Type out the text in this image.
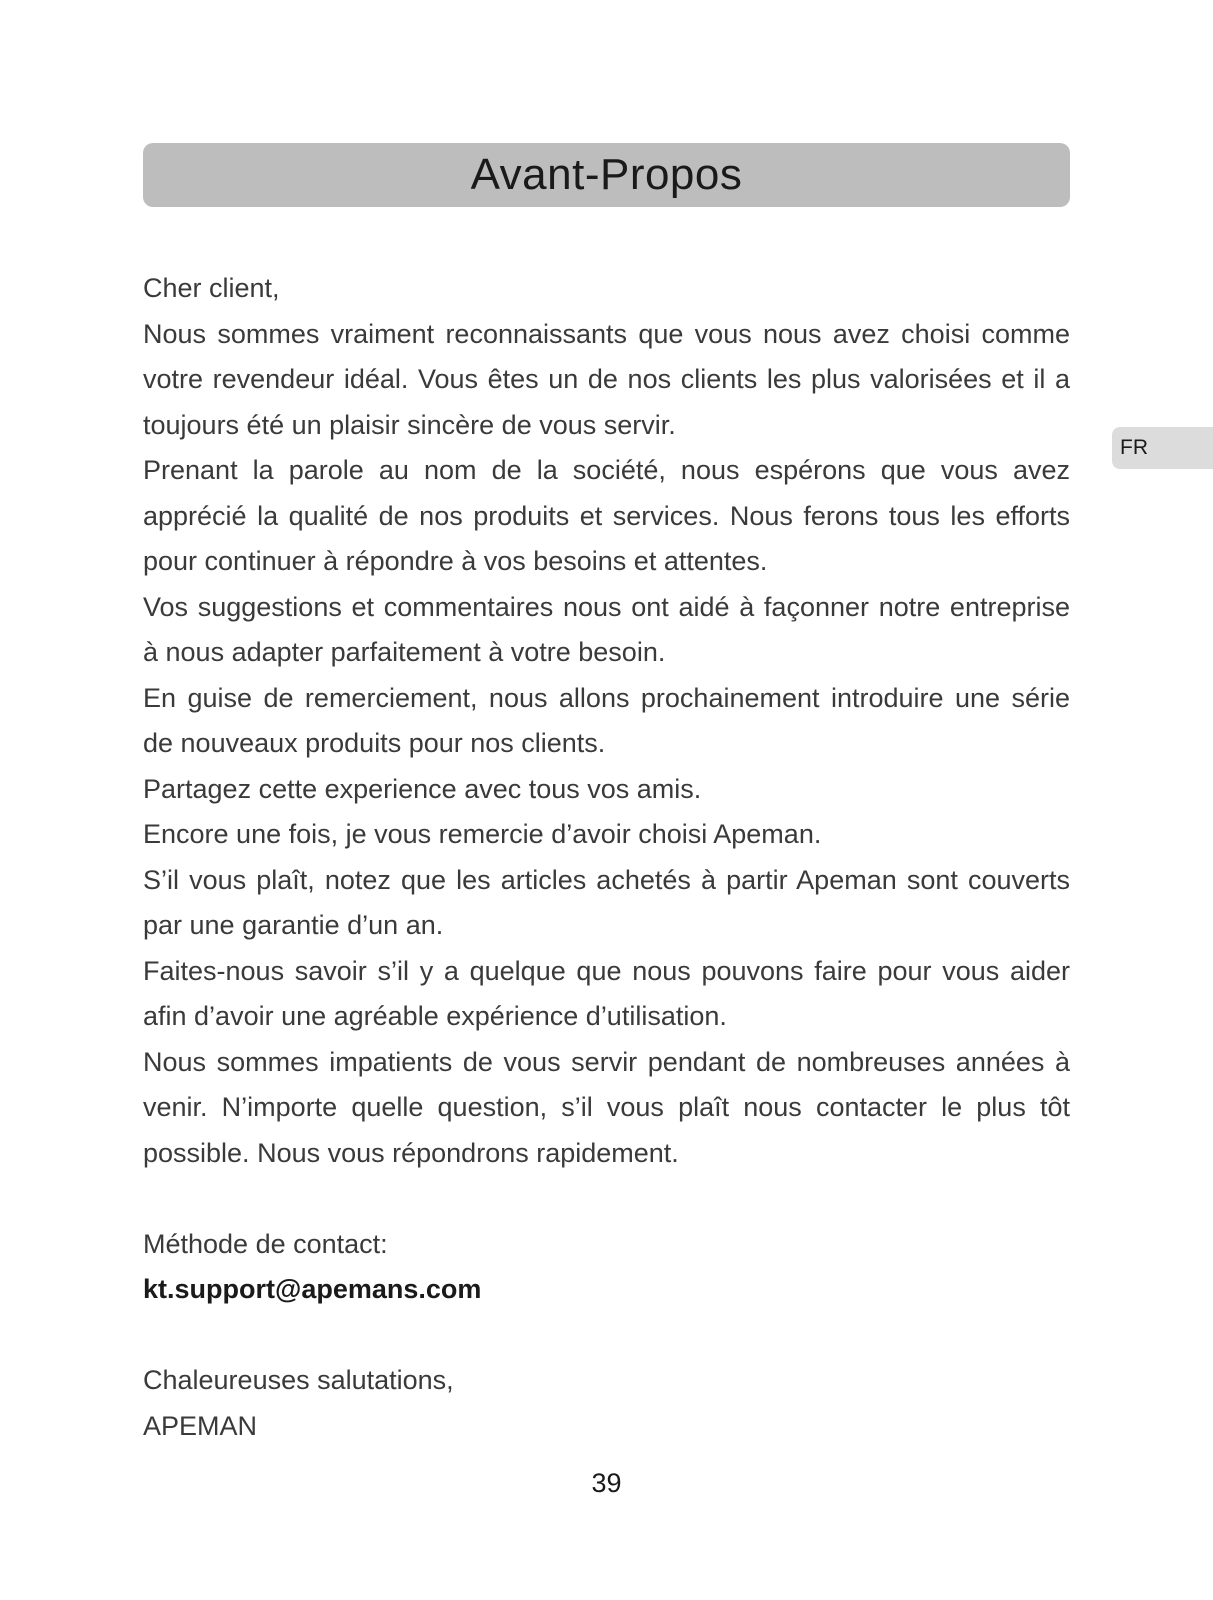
Avant-Propos
FR

Cher client,

Nous sommes vraiment reconnaissants que vous nous avez choisi comme votre revendeur idéal. Vous êtes un de nos clients les plus valorisées et il a toujours été un plaisir sincère de vous servir.

Prenant la parole au nom de la société, nous espérons que vous avez apprécié la qualité de nos produits et services. Nous ferons tous les efforts pour continuer à répondre à vos besoins et attentes.

Vos suggestions et commentaires nous ont aidé à façonner notre entreprise à nous adapter parfaitement à votre besoin.

En guise de remerciement, nous allons prochainement introduire une série de nouveaux produits pour nos clients.

Partagez cette experience avec tous vos amis.

Encore une fois, je vous remercie d’avoir choisi Apeman.

S’il vous plaît, notez que les articles achetés à partir Apeman sont couverts par une garantie d’un an.

Faites-nous savoir s’il y a quelque que nous pouvons faire pour vous aider afin d’avoir une agréable expérience d’utilisation.

Nous sommes impatients de vous servir pendant de nombreuses années à venir. N’importe quelle question, s’il vous plaît nous contacter le plus tôt possible. Nous vous répondrons rapidement.

Méthode de contact:

kt.support@apemans.com

Chaleureuses salutations,

APEMAN

39
